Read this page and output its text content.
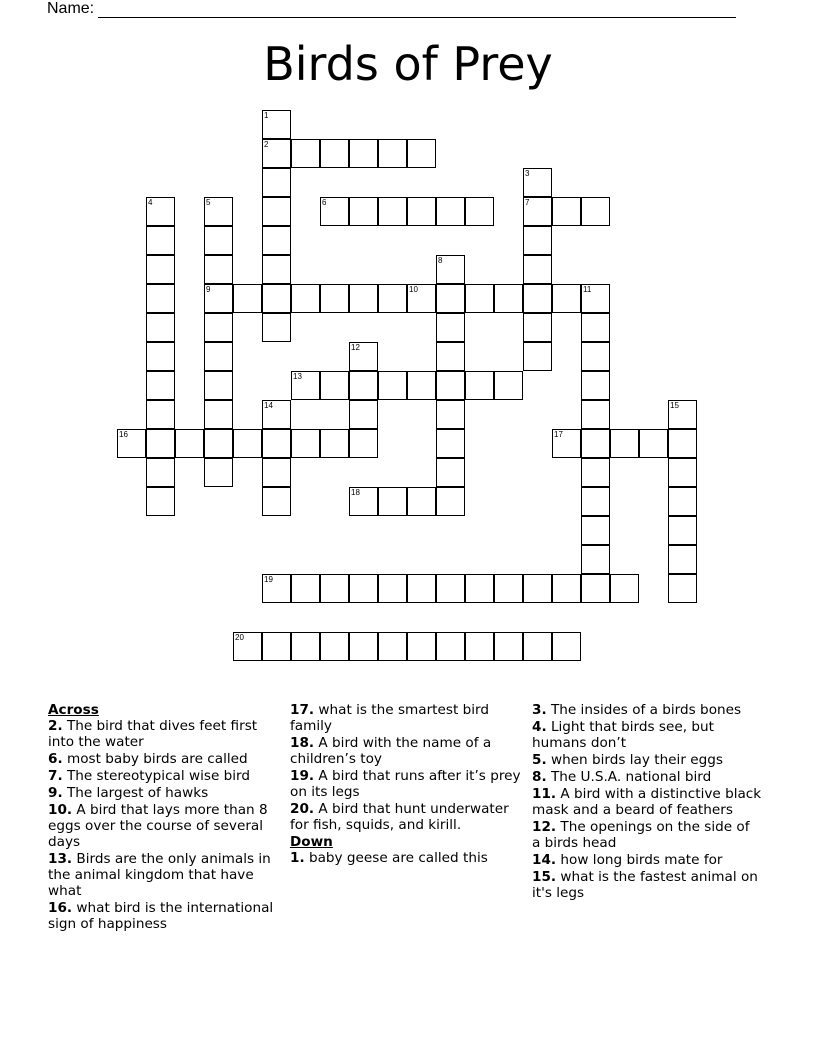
Name:
Birds of Prey
1
2
3
7
4	5
9
6
8
10	11
12
13
14	15
16	17
18
19
20
Across
2. The bird that dives feet first into the water
6. most baby birds are called
7. The stereotypical wise bird
9. The largest of hawks
10. A bird that lays more than 8 eggs over the course of several days
13. Birds are the only animals in the animal kingdom that have what
16. what bird is the international sign of happiness
17. what is the smartest bird family
18. A bird with the name of a children’s toy
19. A bird that runs after it’s prey on its legs
20. A bird that hunt underwater for fish, squids, and kirill.
Down
1. baby geese are called this
3. The insides of a birds bones
4. Light that birds see, but humans don’t
5. when birds lay their eggs
8. The U.S.A. national bird
11. A bird with a distinctive black mask and a beard of feathers
12. The openings on the side of a birds head
14. how long birds mate for
15. what is the fastest animal on it's legs
